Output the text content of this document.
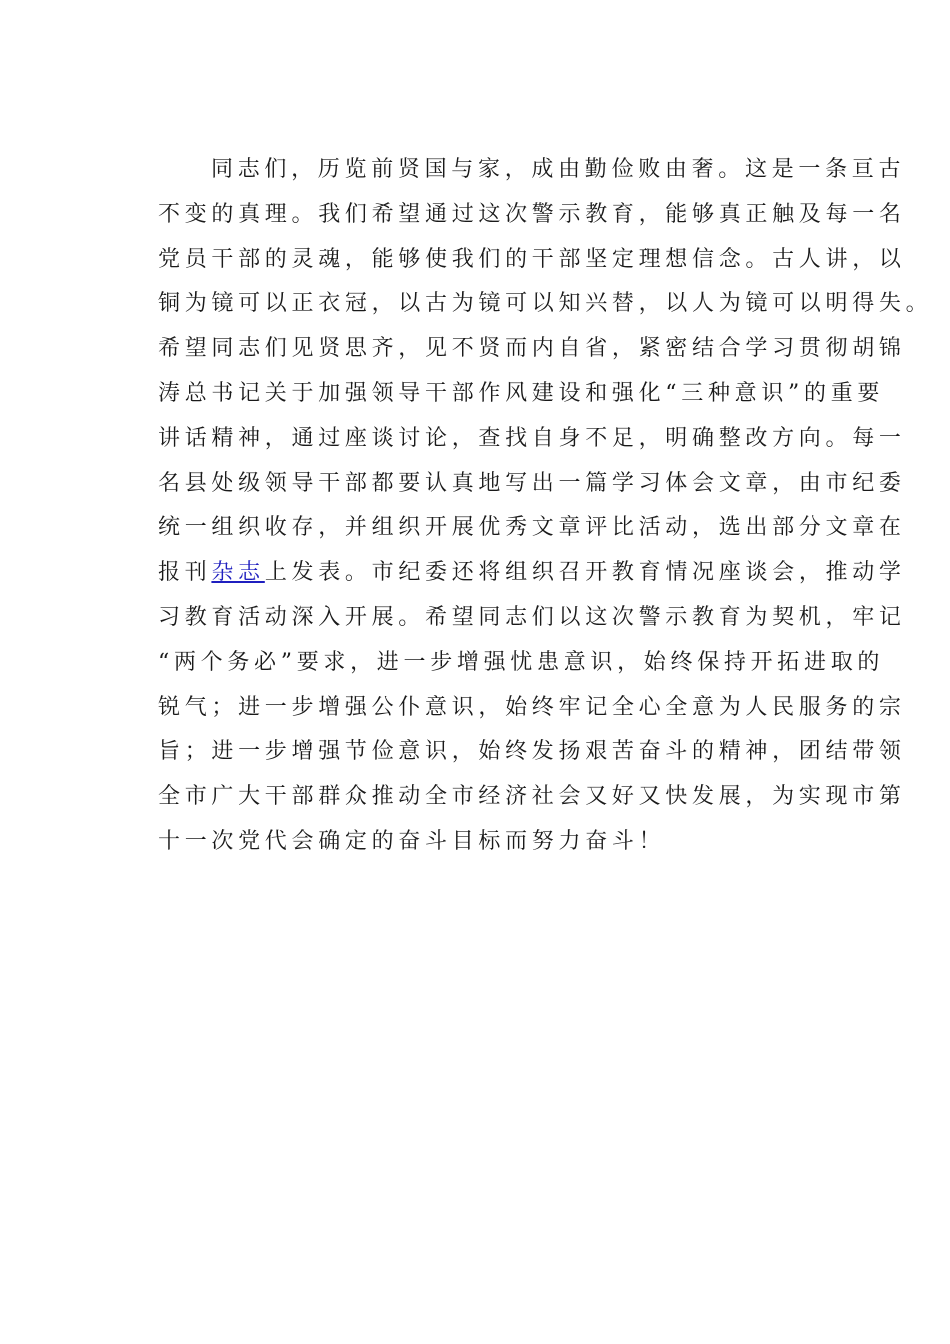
同志们，历览前贤国与家，成由勤俭败由奢。这是一条亘古
不变的真理。我们希望通过这次警示教育，能够真正触及每一名
党员干部的灵魂，能够使我们的干部坚定理想信念。古人讲，以
铜为镜可以正衣冠，以古为镜可以知兴替，以人为镜可以明得失。
希望同志们见贤思齐，见不贤而内自省，紧密结合学习贯彻胡锦
涛总书记关于加强领导干部作风建设和强化“三种意识”的重要
讲话精神，通过座谈讨论，查找自身不足，明确整改方向。每一
名县处级领导干部都要认真地写出一篇学习体会文章，由市纪委
统一组织收存，并组织开展优秀文章评比活动，选出部分文章在
报刊杂志上发表。市纪委还将组织召开教育情况座谈会，推动学
习教育活动深入开展。希望同志们以这次警示教育为契机，牢记
“两个务必”要求，进一步增强忧患意识，始终保持开拓进取的
锐气；进一步增强公仆意识，始终牢记全心全意为人民服务的宗
旨；进一步增强节俭意识，始终发扬艰苦奋斗的精神，团结带领
全市广大干部群众推动全市经济社会又好又快发展，为实现市第
十一次党代会确定的奋斗目标而努力奋斗！
